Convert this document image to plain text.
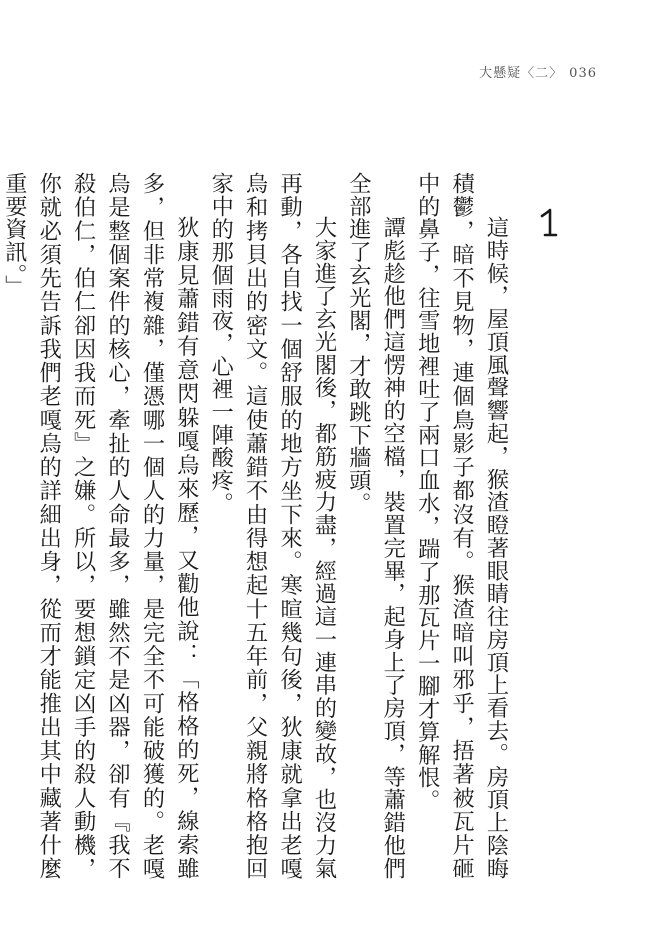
大懸疑〈二〉 036

這時候，屋頂風聲響起，猴渣瞪著眼睛往房頂上看去。房頂上陰晦積鬱，暗不見物，連個鳥影子都沒有。猴渣暗叫邪乎，捂著被瓦片砸中的鼻子，往雪地裡吐了兩口血水，踹了那瓦片一腳才算解恨。

譚彪趁他們這愣神的空檔，裝置完畢，起身上了房頂，等蕭錯他們全部進了玄光閣，才敢跳下牆頭。

大家進了玄光閣後，都筋疲力盡，經過這一連串的變故，也沒力氣再動，各自找一個舒服的地方坐下來。寒暄幾句後，狄康就拿出老嘎烏和拷貝出的密文。這使蕭錯不由得想起十五年前，父親將格格抱回家中的那個雨夜，心裡一陣酸疼。

狄康見蕭錯有意閃躲嘎烏來歷，又勸他說：「格格的死，線索雖多，但非常複雜，僅憑哪一個人的力量，是完全不可能破獲的。老嘎烏是整個案件的核心，牽扯的人命最多，雖然不是凶器，卻有『我不殺伯仁，伯仁卻因我而死』之嫌。所以，要想鎖定凶手的殺人動機，你就必須先告訴我們老嘎烏的詳細出身，從而才能推出其中藏著什麼重要資訊。」
